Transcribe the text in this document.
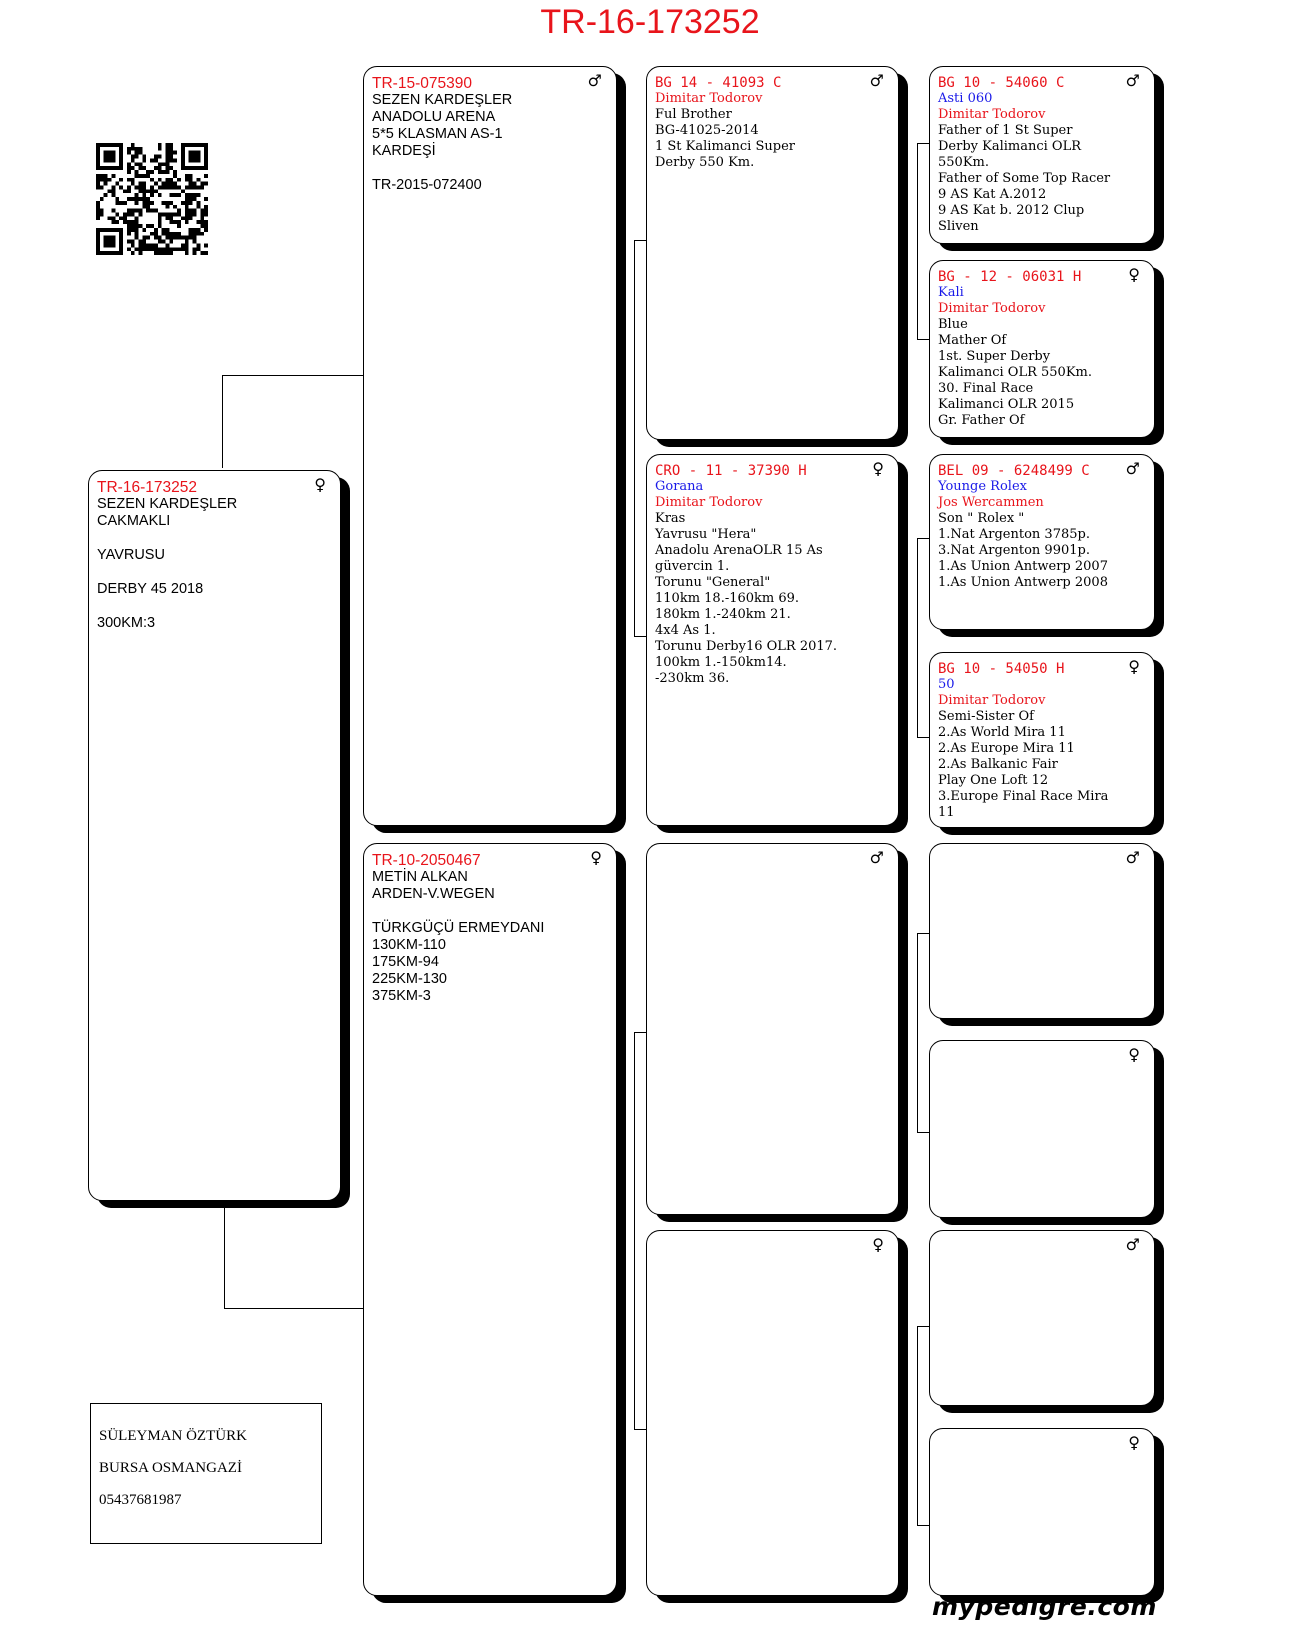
TR-16-173252
♀
TR-16-173252
SEZEN KARDEŞLER
CAKMAKLI
YAVRUSU
DERBY 45 2018
300KM:3
♂
TR-15-075390
SEZEN KARDEŞLER
ANADOLU ARENA
5*5 KLASMAN AS-1
KARDEŞİ
TR-2015-072400
♀
TR-10-2050467
METİN ALKAN
ARDEN-V.WEGEN
TÜRKGÜÇÜ ERMEYDANI
130KM-110
175KM-94
225KM-130
375KM-3
♂
BG 14 - 41093 C
Dimitar Todorov
Ful Brother
BG-41025-2014
1 St Kalimanci Super
Derby 550 Km.
♀
CRO - 11 - 37390 H
Gorana
Dimitar Todorov
Kras
Yavrusu "Hera"
Anadolu ArenaOLR 15 As
güvercin 1.
Torunu "General"
110km 18.-160km 69.
180km 1.-240km 21.
4x4 As 1.
Torunu Derby16 OLR 2017.
100km 1.-150km14.
-230km 36.
♂
♀
♂
BG 10 - 54060 C
Asti 060
Dimitar Todorov
Father of 1 St Super
Derby Kalimanci OLR
550Km.
Father of Some Top Racer
9 AS Kat A.2012
9 AS Kat b. 2012 Clup
Sliven
♀
BG - 12 - 06031 H
Kali
Dimitar Todorov
Blue
Mather Of
1st. Super Derby
Kalimanci OLR 550Km.
30. Final Race
Kalimanci OLR 2015
Gr. Father Of
♂
BEL 09 - 6248499 C
Younge Rolex
Jos Wercammen
Son " Rolex "
1.Nat Argenton 3785p.
3.Nat Argenton 9901p.
1.As Union Antwerp 2007
1.As Union Antwerp 2008
♀
BG 10 - 54050 H
50
Dimitar Todorov
Semi-Sister Of
2.As World Mira 11
2.As Europe Mira 11
2.As Balkanic Fair
Play One Loft 12
3.Europe Final Race Mira
11
♂
♀
♂
♀
SÜLEYMAN ÖZTÜRK
BURSA OSMANGAZİ
05437681987
mypedigre.com
